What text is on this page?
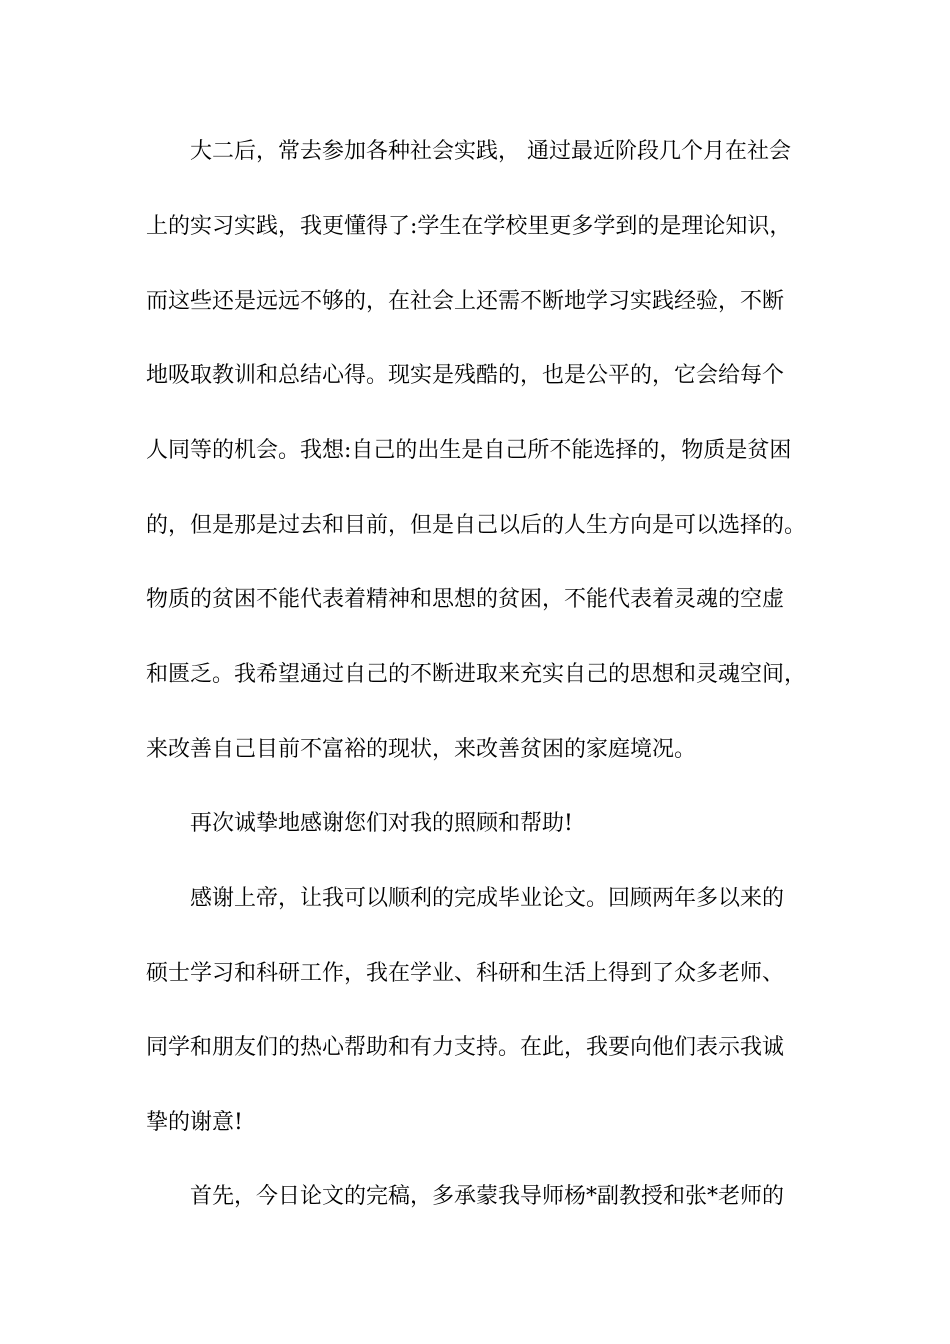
大二后，常去参加各种社会实践， 通过最近阶段几个月在社会
上的实习实践，我更懂得了:学生在学校里更多学到的是理论知识，
而这些还是远远不够的，在社会上还需不断地学习实践经验，不断
地吸取教训和总结心得。现实是残酷的，也是公平的，它会给每个
人同等的机会。我想:自己的出生是自己所不能选择的，物质是贫困
的，但是那是过去和目前，但是自己以后的人生方向是可以选择的。
物质的贫困不能代表着精神和思想的贫困，不能代表着灵魂的空虚
和匮乏。我希望通过自己的不断进取来充实自己的思想和灵魂空间，
来改善自己目前不富裕的现状，来改善贫困的家庭境况。
再次诚挚地感谢您们对我的照顾和帮助!
感谢上帝，让我可以顺利的完成毕业论文。回顾两年多以来的
硕士学习和科研工作，我在学业、科研和生活上得到了众多老师、
同学和朋友们的热心帮助和有力支持。在此，我要向他们表示我诚
挚的谢意!
首先，今日论文的完稿，多承蒙我导师杨*副教授和张*老师的
